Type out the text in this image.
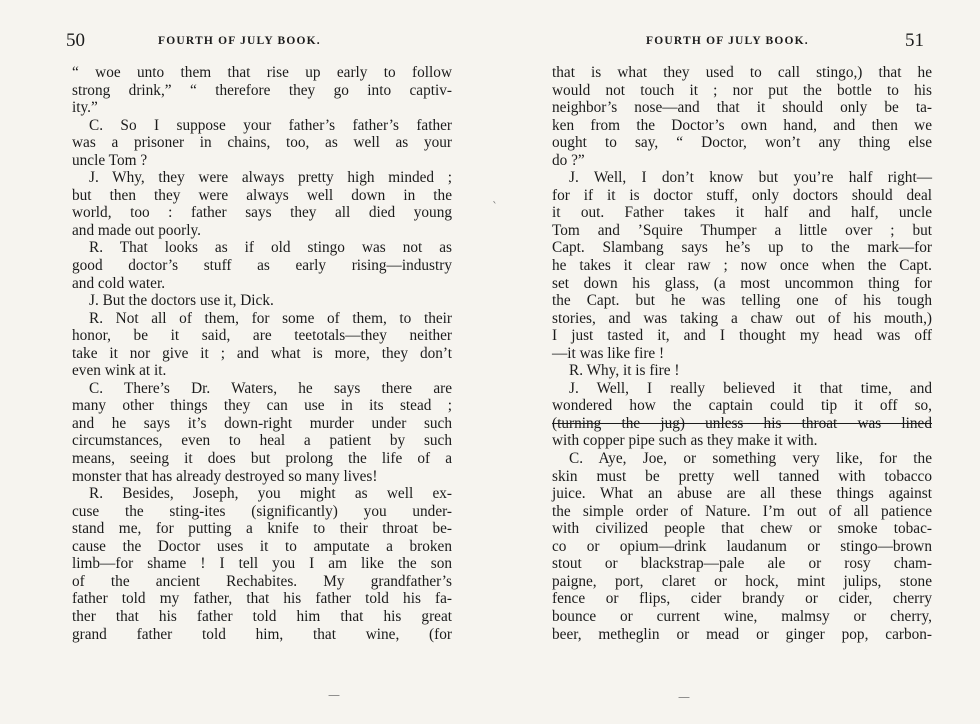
50	FOURTH OF JULY BOOK.
“ woe unto them that rise up early to follow
strong drink,” “ therefore they go into captiv-
ity.”
C. So I suppose your father’s father’s father
was a prisoner in chains, too, as well as your
uncle Tom ?
J. Why, they were always pretty high minded ;
but then they were always well down in the
world, too : father says they all died young
and made out poorly.
R. That looks as if old stingo was not as
good doctor’s stuff as early rising—industry
and cold water.
J. But the doctors use it, Dick.
R. Not all of them, for some of them, to their
honor, be it said, are teetotals—they neither
take it nor give it ; and what is more, they don’t
even wink at it.
C. There’s Dr. Waters, he says there are
many other things they can use in its stead ;
and he says it’s down-right murder under such
circumstances, even to heal a patient by such
means, seeing it does but prolong the life of a
monster that has already destroyed so many lives!
R. Besides, Joseph, you might as well ex-
cuse the sting-ites (significantly) you under-
stand me, for putting a knife to their throat be-
cause the Doctor uses it to amputate a broken
limb—for shame ! I tell you I am like the son
of the ancient Rechabites. My grandfather’s
father told my father, that his father told his fa-
ther that his father told him that his great
grand father told him, that wine, (for
FOURTH OF JULY BOOK.	51
that is what they used to call stingo,) that he
would not touch it ; nor put the bottle to his
neighbor’s nose—and that it should only be ta-
ken from the Doctor’s own hand, and then we
ought to say, “ Doctor, won’t any thing else
do ?”
J. Well, I don’t know but you’re half right—
for if it is doctor stuff, only doctors should deal
it out. Father takes it half and half, uncle
Tom and ’Squire Thumper a little over ; but
Capt. Slambang says he’s up to the mark—for
he takes it clear raw ; now once when the Capt.
set down his glass, (a most uncommon thing for
the Capt. but he was telling one of his tough
stories, and was taking a chaw out of his mouth,)
I just tasted it, and I thought my head was off
—it was like fire !
R. Why, it is fire !
J. Well, I really believed it that time, and
wondered how the captain could tip it off so,
(turning the jug) unless his throat was lined
with copper pipe such as they make it with.
C. Aye, Joe, or something very like, for the
skin must be pretty well tanned with tobacco
juice. What an abuse are all these things against
the simple order of Nature. I’m out of all patience
with civilized people that chew or smoke tobac-
co or opium—drink laudanum or stingo—brown
stout or blackstrap—pale ale or rosy cham-
paigne, port, claret or hock, mint julips, stone
fence or flips, cider brandy or cider, cherry
bounce or current wine, malmsy or cherry,
beer, metheglin or mead or ginger pop, carbon-
`
—	—
